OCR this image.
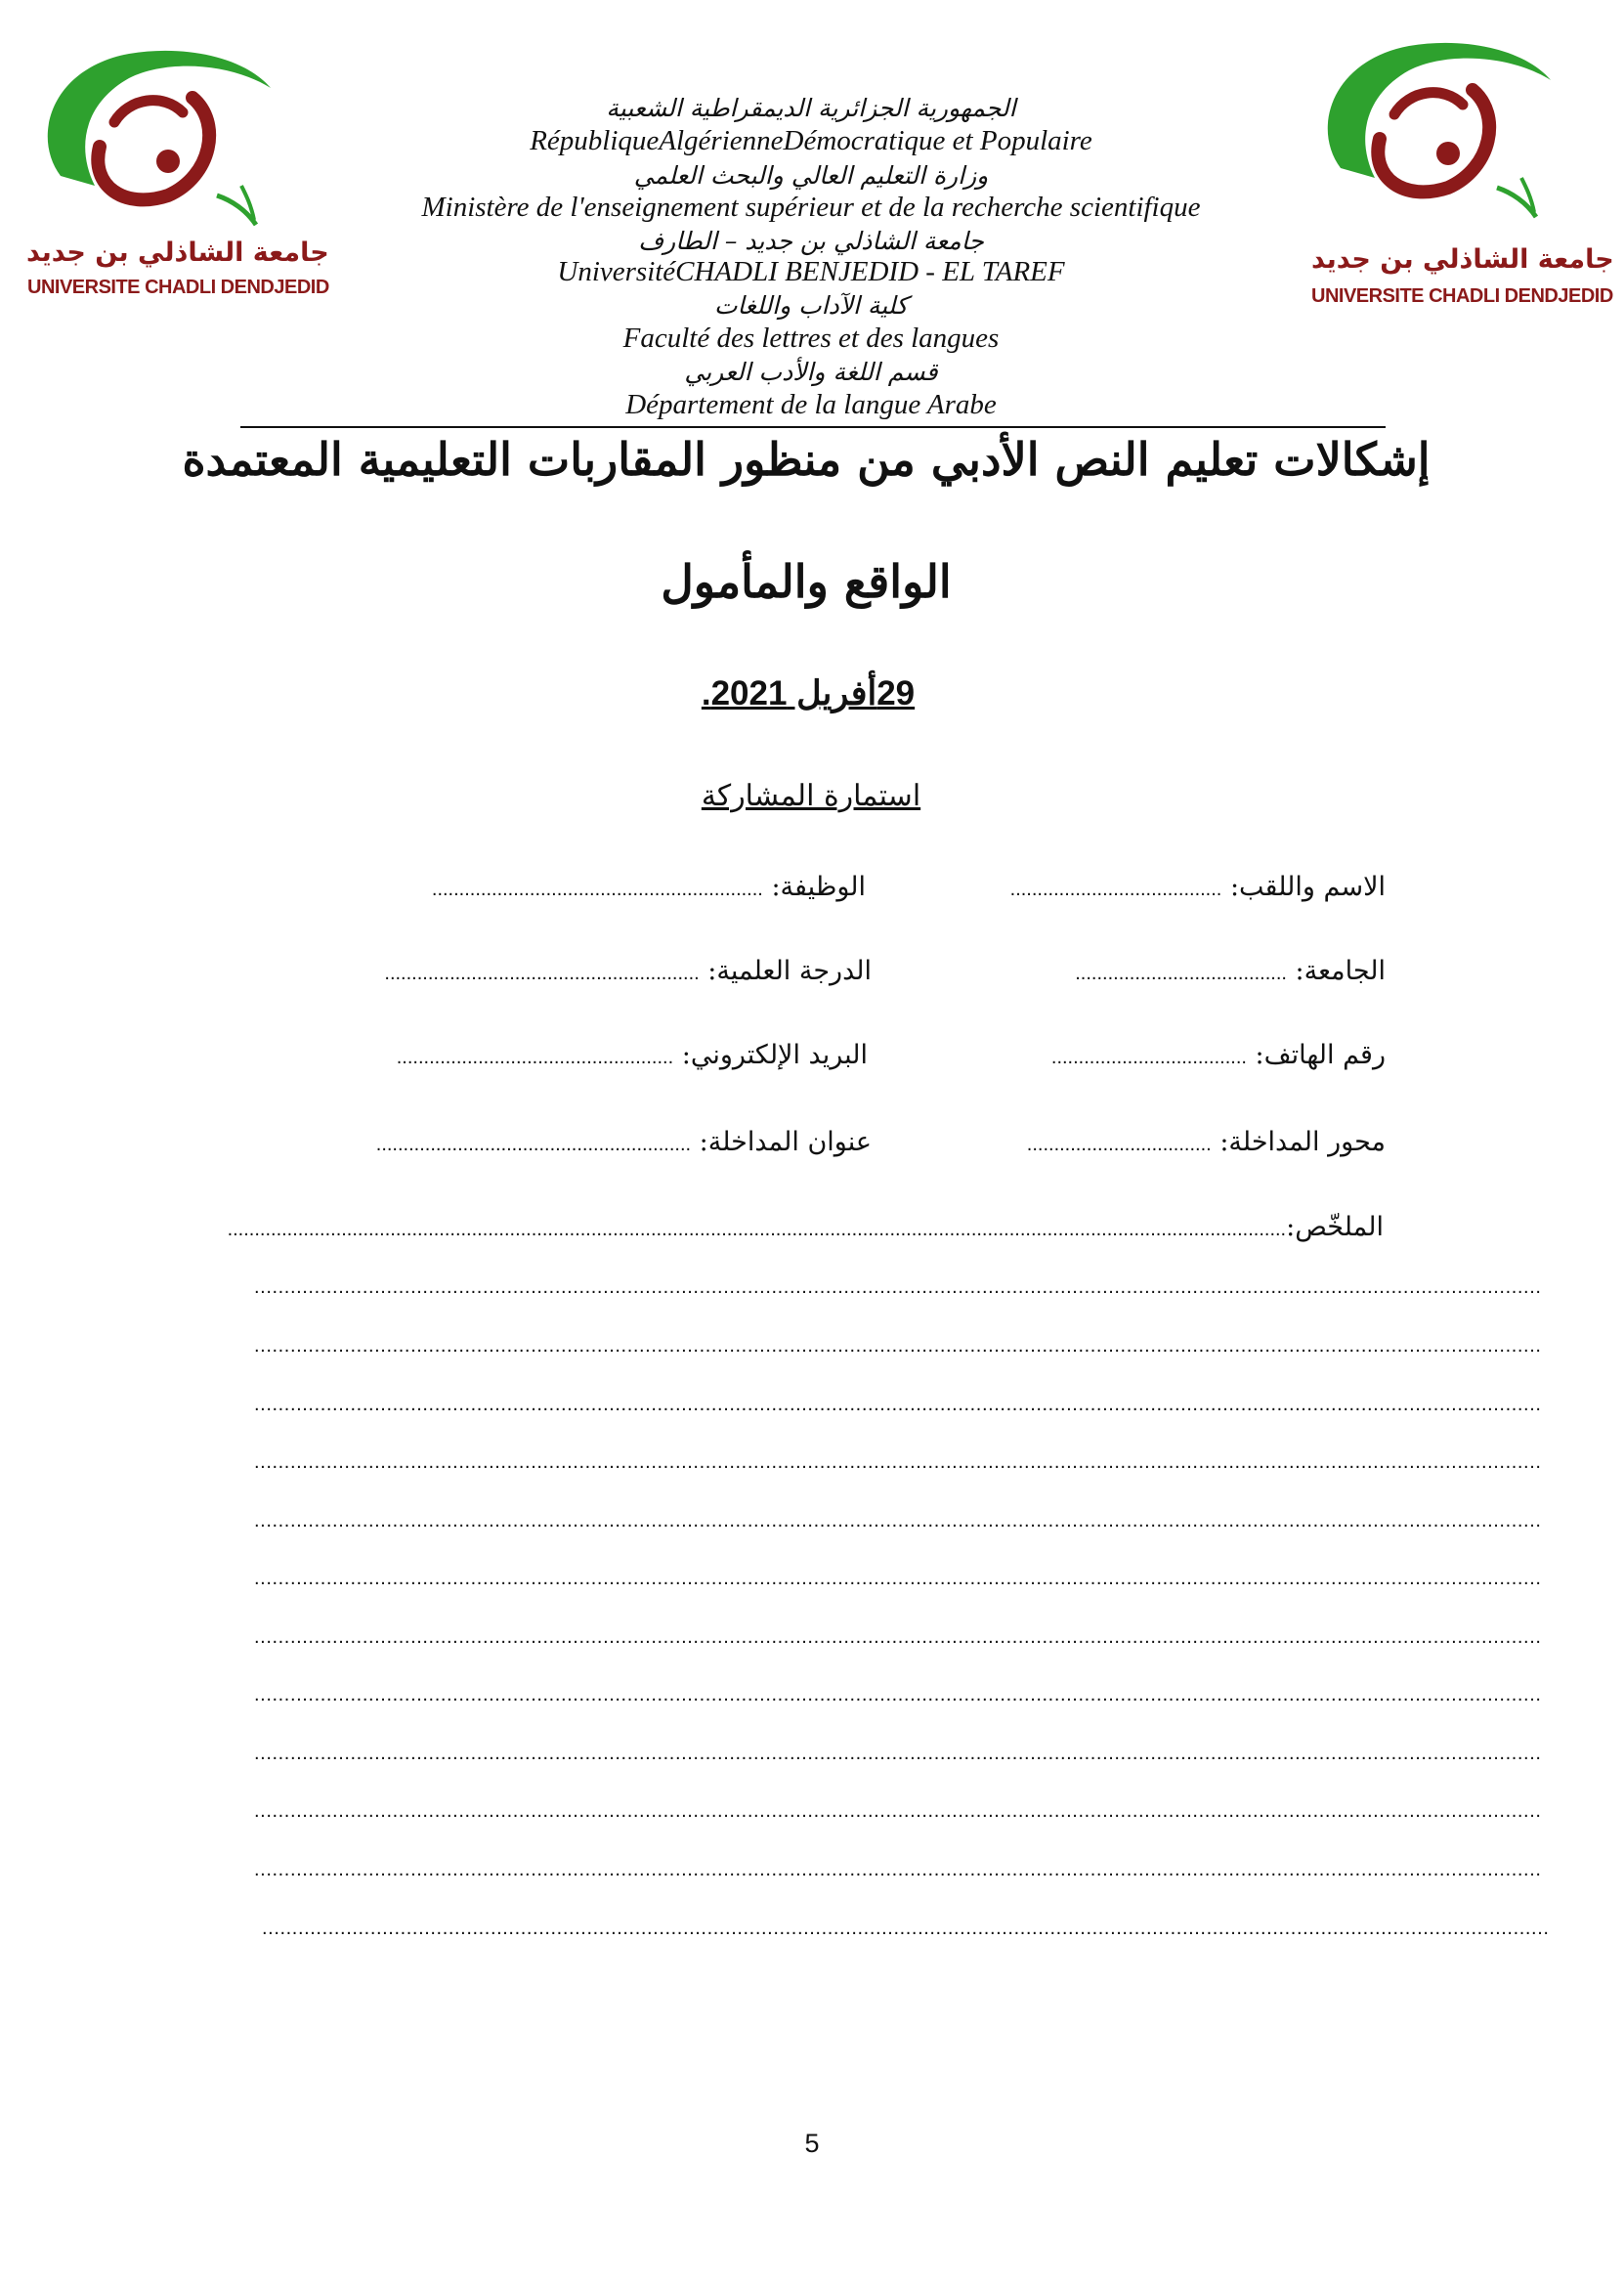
جامعة الشاذلي بن جديد
UNIVERSITE CHADLI DENDJEDID
جامعة الشاذلي بن جديد
UNIVERSITE CHADLI DENDJEDID
الجمهورية الجزائرية الديمقراطية الشعبية
RépubliqueAlgérienneDémocratique et Populaire
وزارة التعليم العالي والبحث العلمي
Ministère de l'enseignement supérieur et de la recherche scientifique
جامعة الشاذلي بن جديد – الطارف
UniversitéCHADLI BENJEDID - EL TAREF
كلية الآداب واللغات
Faculté des lettres et des langues
قسم اللغة والأدب العربي
Département de la langue Arabe
إشكالات تعليم النص الأدبي من منظور المقاربات التعليمية المعتمدة
الواقع والمأمول
29أفريل 2021.
استمارة المشاركة
الاسم واللقب: .......................................
الجامعة: .......................................
رقم الهاتف: ....................................
محور المداخلة: ..................................
الوظيفة: .............................................................
الدرجة العلمية: ..........................................................
البريد الإلكتروني: ...................................................
عنوان المداخلة: ..........................................................
الملخّص:...................................................................................................................................................................................................
......................................................................................................................................................................................................................
......................................................................................................................................................................................................................
......................................................................................................................................................................................................................
......................................................................................................................................................................................................................
......................................................................................................................................................................................................................
......................................................................................................................................................................................................................
......................................................................................................................................................................................................................
......................................................................................................................................................................................................................
......................................................................................................................................................................................................................
......................................................................................................................................................................................................................
......................................................................................................................................................................................................................
......................................................................................................................................................................................................................
5
